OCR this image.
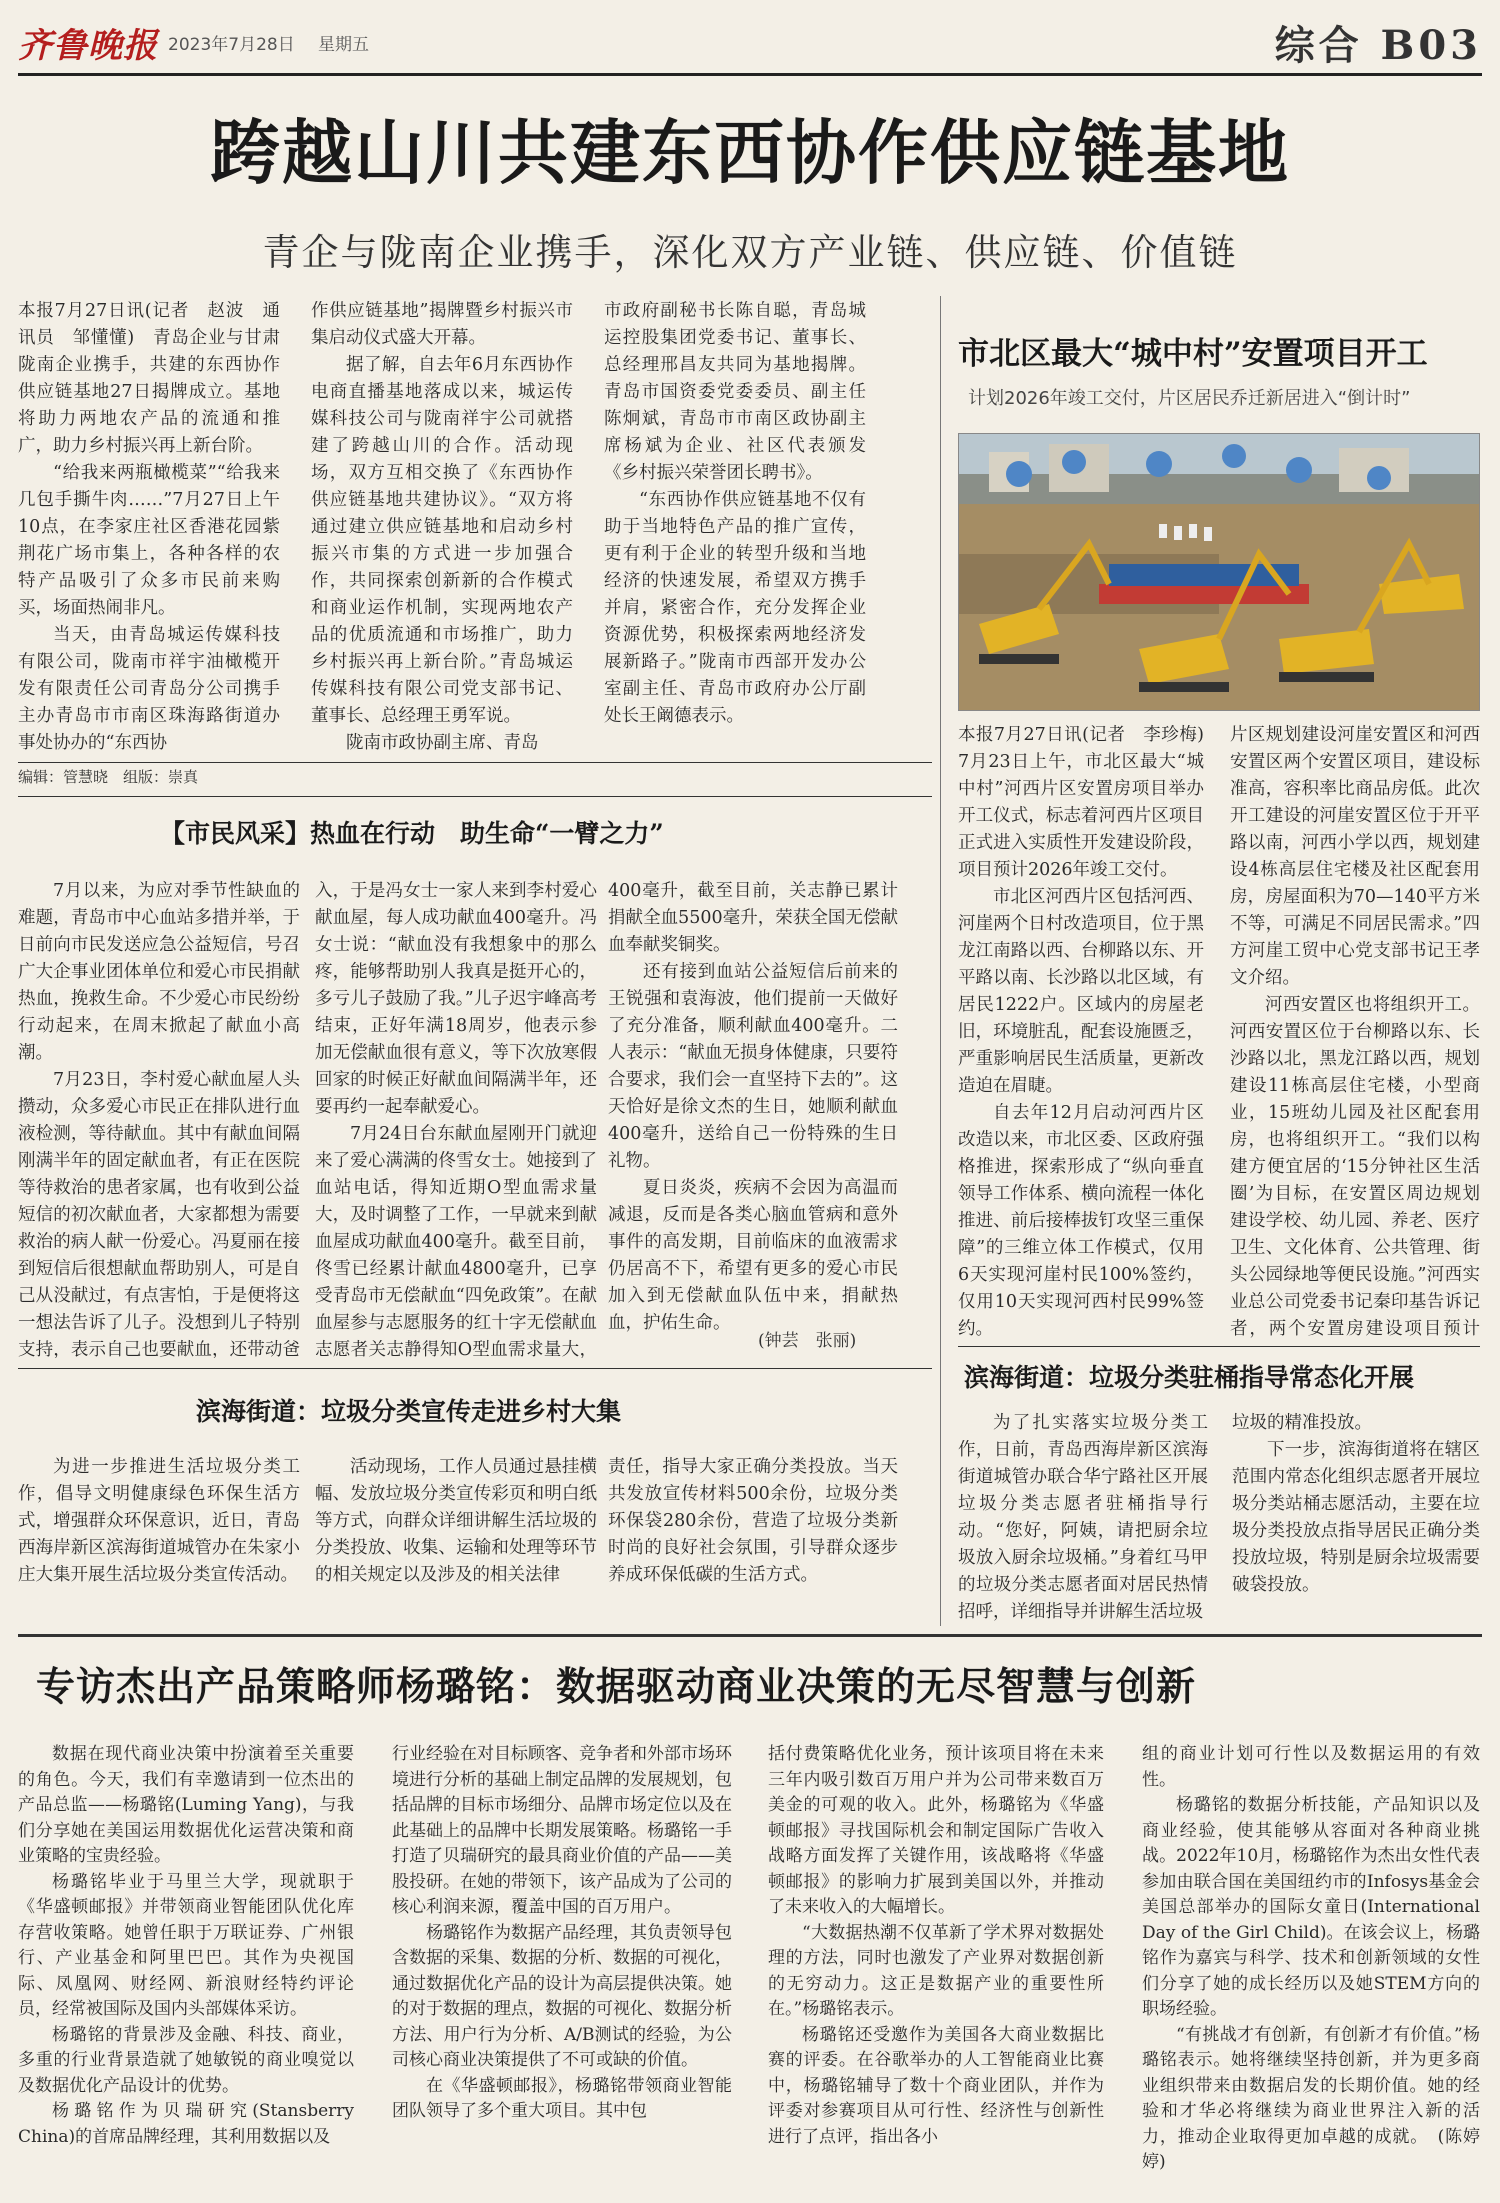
齐鲁晚报 2023年7月28日 星期五	综合 B03
跨越山川共建东西协作供应链基地
青企与陇南企业携手，深化双方产业链、供应链、价值链

本报7月27日讯(记者　赵波　通讯员　邹懂懂)　青岛企业与甘肃陇南企业携手，共建的东西协作供应链基地27日揭牌成立。基地将助力两地农产品的流通和推广，助力乡村振兴再上新台阶。

“给我来两瓶橄榄菜”“给我来几包手撕牛肉……”7月27日上午10点，在李家庄社区香港花园紫荆花广场市集上，各种各样的农特产品吸引了众多市民前来购买，场面热闹非凡。

当天，由青岛城运传媒科技有限公司，陇南市祥宇油橄榄开发有限责任公司青岛分公司携手主办青岛市市南区珠海路街道办事处协办的“东西协

作供应链基地”揭牌暨乡村振兴市集启动仪式盛大开幕。

据了解，自去年6月东西协作电商直播基地落成以来，城运传媒科技公司与陇南祥宇公司就搭建了跨越山川的合作。活动现场，双方互相交换了《东西协作供应链基地共建协议》。“双方将通过建立供应链基地和启动乡村振兴市集的方式进一步加强合作，共同探索创新新的合作模式和商业运作机制，实现两地农产品的优质流通和市场推广，助力乡村振兴再上新台阶。”青岛城运传媒科技有限公司党支部书记、董事长、总经理王勇军说。

陇南市政协副主席、青岛

市政府副秘书长陈自聪，青岛城运控股集团党委书记、董事长、总经理邢昌友共同为基地揭牌。青岛市国资委党委委员、副主任陈炯斌，青岛市市南区政协副主席杨斌为企业、社区代表颁发《乡村振兴荣誉团长聘书》。

“东西协作供应链基地不仅有助于当地特色产品的推广宣传，更有利于企业的转型升级和当地经济的快速发展，希望双方携手并肩，紧密合作，充分发挥企业资源优势，积极探索两地经济发展新路子。”陇南市西部开发办公室副主任、青岛市政府办公厅副处长王阚德表示。

编辑：管慧晓　组版：崇真
市北区最大“城中村”安置项目开工
计划2026年竣工交付，片区居民乔迁新居进入“倒计时”

本报7月27日讯(记者　李珍梅)　7月23日上午，市北区最大“城中村”河西片区安置房项目举办开工仪式，标志着河西片区项目正式进入实质性开发建设阶段，项目预计2026年竣工交付。

市北区河西片区包括河西、河崖两个日村改造项目，位于黑龙江南路以西、台柳路以东、开平路以南、长沙路以北区域，有居民1222户。区域内的房屋老旧，环境脏乱，配套设施匮乏，严重影响居民生活质量，更新改造迫在眉睫。

自去年12月启动河西片区改造以来，市北区委、区政府强格推进，探索形成了“纵向垂直领导工作体系、横向流程一体化推进、前后接棒拔钉攻坚三重保障”的三维立体工作模式，仅用6天实现河崖村民100%签约，仅用10天实现河西村民99%签约。

片区规划建设河崖安置区和河西安置区两个安置区项目，建设标准高，容积率比商品房低。此次开工建设的河崖安置区位于开平路以南，河西小学以西，规划建设4栋高层住宅楼及社区配套用房，房屋面积为70—140平方米不等，可满足不同居民需求。”四方河崖工贸中心党支部书记王孝文介绍。

河西安置区也将组织开工。河西安置区位于台柳路以东、长沙路以北，黑龙江路以西，规划建设11栋高层住宅楼，小型商业，15班幼儿园及社区配套用房，也将组织开工。“我们以构建方便宜居的‘15分钟社区生活圈’为目标，在安置区周边规划建设学校、幼儿园、养老、医疗卫生、文化体育、公共管理、街头公园绿地等便民设施。”河西实业总公司党委书记秦印基告诉记者，两个安置房建设项目预计

【市民风采】热血在行动　助生命“一臂之力”

7月以来，为应对季节性缺血的难题，青岛市中心血站多措并举，于日前向市民发送应急公益短信，号召广大企事业团体单位和爱心市民捐献热血，挽救生命。不少爱心市民纷纷行动起来，在周末掀起了献血小高潮。

7月23日，李村爱心献血屋人头攒动，众多爱心市民正在排队进行血液检测，等待献血。其中有献血间隔刚满半年的固定献血者，有正在医院等待救治的患者家属，也有收到公益短信的初次献血者，大家都想为需要救治的病人献一份爱心。冯夏丽在接到短信后很想献血帮助别人，可是自己从没献过，有点害怕，于是便将这一想法告诉了儿子。没想到儿子特别支持，表示自己也要献血，还带动爸

入，于是冯女士一家人来到李村爱心献血屋，每人成功献血400毫升。冯女士说：“献血没有我想象中的那么疼，能够帮助别人我真是挺开心的，多亏儿子鼓励了我。”儿子迟宇峰高考结束，正好年满18周岁，他表示参加无偿献血很有意义，等下次放寒假回家的时候正好献血间隔满半年，还要再约一起奉献爱心。

7月24日台东献血屋刚开门就迎来了爱心满满的佟雪女士。她接到了血站电话，得知近期O型血需求量大，及时调整了工作，一早就来到献血屋成功献血400毫升。截至目前，佟雪已经累计献血4800毫升，已享受青岛市无偿献血“四免政策”。在献血屋参与志愿服务的红十字无偿献血志愿者关志静得知O型血需求量大，

400毫升，截至目前，关志静已累计捐献全血5500毫升，荣获全国无偿献血奉献奖铜奖。

还有接到血站公益短信后前来的王锐强和袁海波，他们提前一天做好了充分准备，顺利献血400毫升。二人表示：“献血无损身体健康，只要符合要求，我们会一直坚持下去的”。这天恰好是徐文杰的生日，她顺利献血400毫升，送给自己一份特殊的生日礼物。

夏日炎炎，疾病不会因为高温而减退，反而是各类心脑血管病和意外事件的高发期，目前临床的血液需求仍居高不下，希望有更多的爱心市民加入到无偿献血队伍中来，捐献热血，护佑生命。

(钟芸　张丽)
滨海街道：垃圾分类宣传走进乡村大集

为进一步推进生活垃圾分类工作，倡导文明健康绿色环保生活方式，增强群众环保意识，近日，青岛西海岸新区滨海街道城管办在朱家小庄大集开展生活垃圾分类宣传活动。

活动现场，工作人员通过悬挂横幅、发放垃圾分类宣传彩页和明白纸等方式，向群众详细讲解生活垃圾的分类投放、收集、运输和处理等环节的相关规定以及涉及的相关法律

责任，指导大家正确分类投放。当天共发放宣传材料500余份，垃圾分类环保袋280余份，营造了垃圾分类新时尚的良好社会氛围，引导群众逐步养成环保低碳的生活方式。

滨海街道：垃圾分类驻桶指导常态化开展

为了扎实落实垃圾分类工作，日前，青岛西海岸新区滨海街道城管办联合华宁路社区开展垃圾分类志愿者驻桶指导行动。“您好，阿姨，请把厨余垃圾放入厨余垃圾桶。”身着红马甲的垃圾分类志愿者面对居民热情招呼，详细指导并讲解生活垃圾

垃圾的精准投放。

下一步，滨海街道将在辖区范围内常态化组织志愿者开展垃圾分类站桶志愿活动，主要在垃圾分类投放点指导居民正确分类投放垃圾，特别是厨余垃圾需要破袋投放。

专访杰出产品策略师杨璐铭：数据驱动商业决策的无尽智慧与创新

数据在现代商业决策中扮演着至关重要的角色。今天，我们有幸邀请到一位杰出的产品总监——杨璐铭(Luming Yang)，与我们分享她在美国运用数据优化运营决策和商业策略的宝贵经验。

杨璐铭毕业于马里兰大学，现就职于《华盛顿邮报》并带领商业智能团队优化库存营收策略。她曾任职于万联证券、广州银行、产业基金和阿里巴巴。其作为央视国际、凤凰网、财经网、新浪财经特约评论员，经常被国际及国内头部媒体采访。

杨璐铭的背景涉及金融、科技、商业，多重的行业背景造就了她敏锐的商业嗅觉以及数据优化产品设计的优势。

杨璐铭作为贝瑞研究(Stansberry China)的首席品牌经理，其利用数据以及

行业经验在对目标顾客、竞争者和外部市场环境进行分析的基础上制定品牌的发展规划，包括品牌的目标市场细分、品牌市场定位以及在此基础上的品牌中长期发展策略。杨璐铭一手打造了贝瑞研究的最具商业价值的产品——美股投研。在她的带领下，该产品成为了公司的核心利润来源，覆盖中国的百万用户。

杨璐铭作为数据产品经理，其负责领导包含数据的采集、数据的分析、数据的可视化，通过数据优化产品的设计为高层提供决策。她的对于数据的理点，数据的可视化、数据分析方法、用户行为分析、A/B测试的经验，为公司核心商业决策提供了不可或缺的价值。

在《华盛顿邮报》，杨璐铭带领商业智能团队领导了多个重大项目。其中包

括付费策略优化业务，预计该项目将在未来三年内吸引数百万用户并为公司带来数百万美金的可观的收入。此外，杨璐铭为《华盛顿邮报》寻找国际机会和制定国际广告收入战略方面发挥了关键作用，该战略将《华盛顿邮报》的影响力扩展到美国以外，并推动了未来收入的大幅增长。

“大数据热潮不仅革新了学术界对数据处理的方法，同时也激发了产业界对数据创新的无穷动力。这正是数据产业的重要性所在。”杨璐铭表示。

杨璐铭还受邀作为美国各大商业数据比赛的评委。在谷歌举办的人工智能商业比赛中，杨璐铭辅导了数十个商业团队，并作为评委对参赛项目从可行性、经济性与创新性进行了点评，指出各小

组的商业计划可行性以及数据运用的有效性。

杨璐铭的数据分析技能，产品知识以及商业经验，使其能够从容面对各种商业挑战。2022年10月，杨璐铭作为杰出女性代表参加由联合国在美国纽约市的Infosys基金会美国总部举办的国际女童日(International Day of the Girl Child)。在该会议上，杨璐铭作为嘉宾与科学、技术和创新领域的女性们分享了她的成长经历以及她STEM方向的职场经验。

“有挑战才有创新，有创新才有价值。”杨璐铭表示。她将继续坚持创新，并为更多商业组织带来由数据启发的长期价值。她的经验和才华必将继续为商业世界注入新的活力，推动企业取得更加卓越的成就。　(陈婷婷)
